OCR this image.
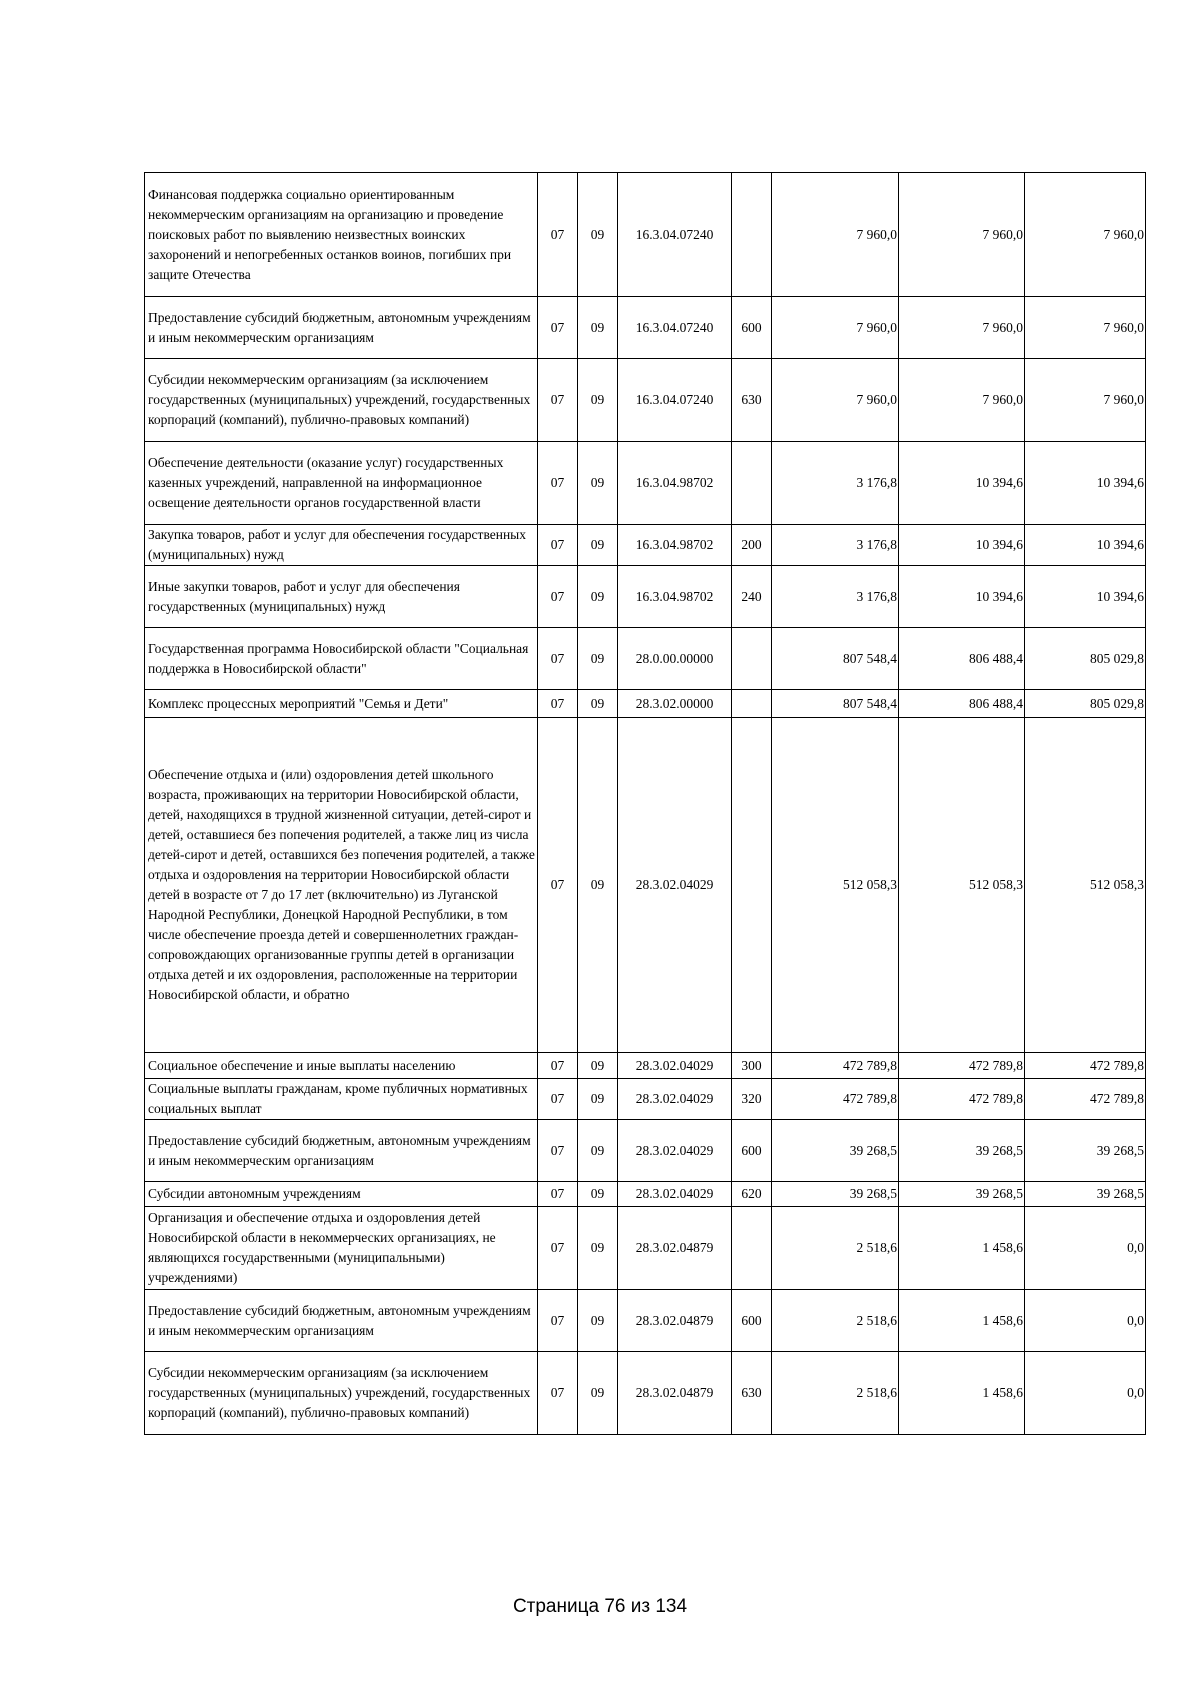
Финансовая поддержка социально ориентированным некоммерческим организациям на организацию и проведение поисковых работ по выявлению неизвестных воинских захоронений и непогребенных останков воинов, погибших при защите Отечества	07	09	16.3.04.07240		7 960,0	7 960,0	7 960,0
Предоставление субсидий бюджетным, автономным учреждениям и иным некоммерческим организациям	07	09	16.3.04.07240	600	7 960,0	7 960,0	7 960,0
Субсидии некоммерческим организациям (за исключением государственных (муниципальных) учреждений, государственных корпораций (компаний), публично-правовых компаний)	07	09	16.3.04.07240	630	7 960,0	7 960,0	7 960,0
Обеспечение деятельности (оказание услуг) государственных казенных учреждений, направленной на информационное освещение деятельности органов государственной власти	07	09	16.3.04.98702		3 176,8	10 394,6	10 394,6
Закупка товаров, работ и услуг для обеспечения государственных (муниципальных) нужд	07	09	16.3.04.98702	200	3 176,8	10 394,6	10 394,6
Иные закупки товаров, работ и услуг для обеспечения государственных (муниципальных) нужд	07	09	16.3.04.98702	240	3 176,8	10 394,6	10 394,6
Государственная программа Новосибирской области "Социальная поддержка в Новосибирской области"	07	09	28.0.00.00000		807 548,4	806 488,4	805 029,8
Комплекс процессных мероприятий "Семья и Дети"	07	09	28.3.02.00000		807 548,4	806 488,4	805 029,8
Обеспечение отдыха и (или) оздоровления детей школьного возраста, проживающих на территории Новосибирской области, детей, находящихся в трудной жизненной ситуации, детей-сирот и детей, оставшиеся без попечения родителей, а также лиц из числа детей-сирот и детей, оставшихся без попечения родителей, а также отдыха и оздоровления на территории Новосибирской области детей в возрасте от 7 до 17 лет (включительно) из Луганской Народной Республики, Донецкой Народной Республики, в том числе обеспечение проезда детей и совершеннолетних граждан-сопровождающих организованные группы детей в организации отдыха детей и их оздоровления, расположенные на территории Новосибирской области, и обратно	07	09	28.3.02.04029		512 058,3	512 058,3	512 058,3
Социальное обеспечение и иные выплаты населению	07	09	28.3.02.04029	300	472 789,8	472 789,8	472 789,8
Социальные выплаты гражданам, кроме публичных нормативных социальных выплат	07	09	28.3.02.04029	320	472 789,8	472 789,8	472 789,8
Предоставление субсидий бюджетным, автономным учреждениям и иным некоммерческим организациям	07	09	28.3.02.04029	600	39 268,5	39 268,5	39 268,5
Субсидии автономным учреждениям	07	09	28.3.02.04029	620	39 268,5	39 268,5	39 268,5
Организация и обеспечение отдыха и оздоровления детей Новосибирской области в некоммерческих организациях, не являющихся государственными (муниципальными) учреждениями)	07	09	28.3.02.04879		2 518,6	1 458,6	0,0
Предоставление субсидий бюджетным, автономным учреждениям и иным некоммерческим организациям	07	09	28.3.02.04879	600	2 518,6	1 458,6	0,0
Субсидии некоммерческим организациям (за исключением государственных (муниципальных) учреждений, государственных корпораций (компаний), публично-правовых компаний)	07	09	28.3.02.04879	630	2 518,6	1 458,6	0,0
Страница 76 из 134
